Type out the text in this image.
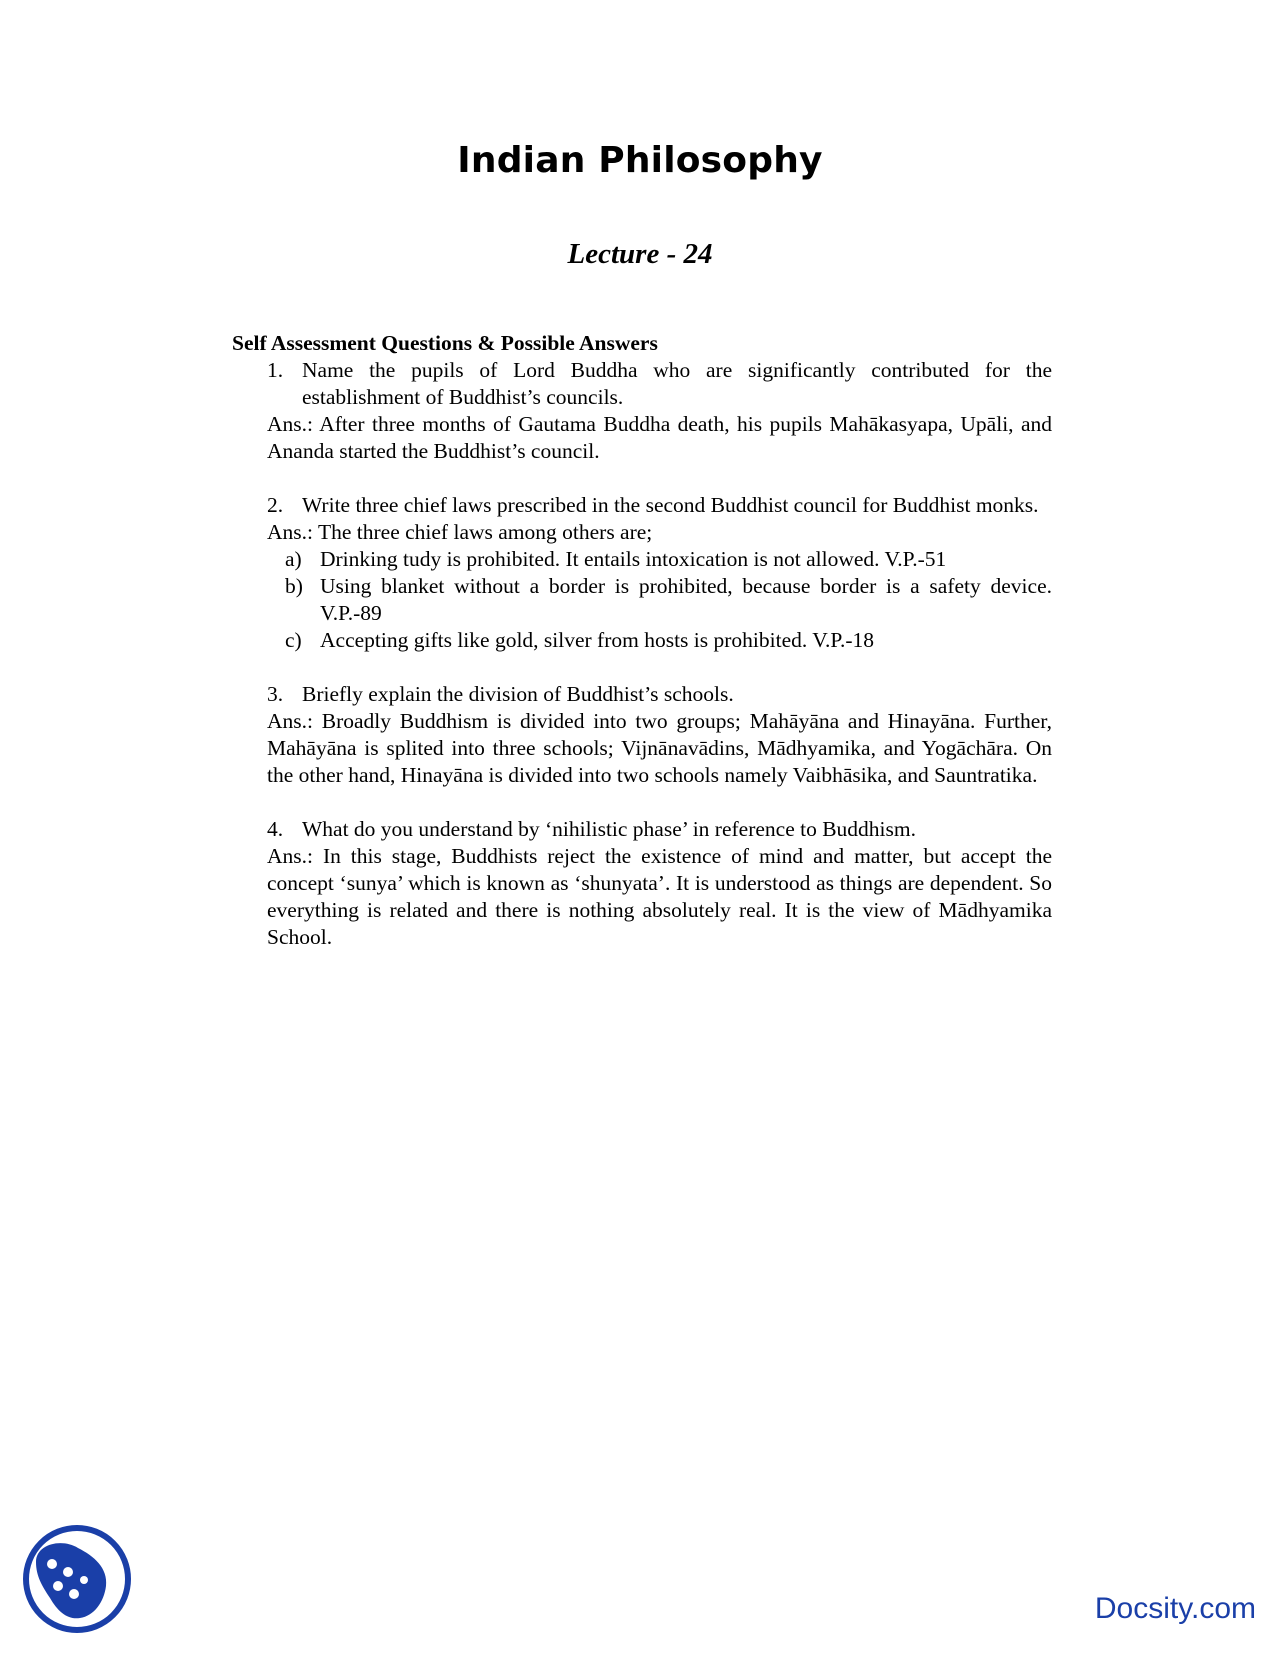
Indian Philosophy
Lecture - 24

Self Assessment Questions & Possible Answers

1. Name the pupils of Lord Buddha who are significantly contributed for the establishment of Buddhist’s councils.
Ans.: After three months of Gautama Buddha death, his pupils Mahākasyapa, Upāli, and Ananda started the Buddhist’s council.
2. Write three chief laws prescribed in the second Buddhist council for Buddhist monks.
Ans.: The three chief laws among others are;
a) Drinking tudy is prohibited. It entails intoxication is not allowed. V.P.-51
b) Using blanket without a border is prohibited, because border is a safety device. V.P.-89
c) Accepting gifts like gold, silver from hosts is prohibited. V.P.-18
3. Briefly explain the division of Buddhist’s schools.
Ans.: Broadly Buddhism is divided into two groups; Mahāyāna and Hinayāna. Further, Mahāyāna is splited into three schools; Vijnānavādins, Mādhyamika, and Yogāchāra. On the other hand, Hinayāna is divided into two schools namely Vaibhāsika, and Sauntratika.
4. What do you understand by ‘nihilistic phase’ in reference to Buddhism.
Ans.: In this stage, Buddhists reject the existence of mind and matter, but accept the concept ‘sunya’ which is known as ‘shunyata’. It is understood as things are dependent. So everything is related and there is nothing absolutely real. It is the view of Mādhyamika School.
Docsity.com
